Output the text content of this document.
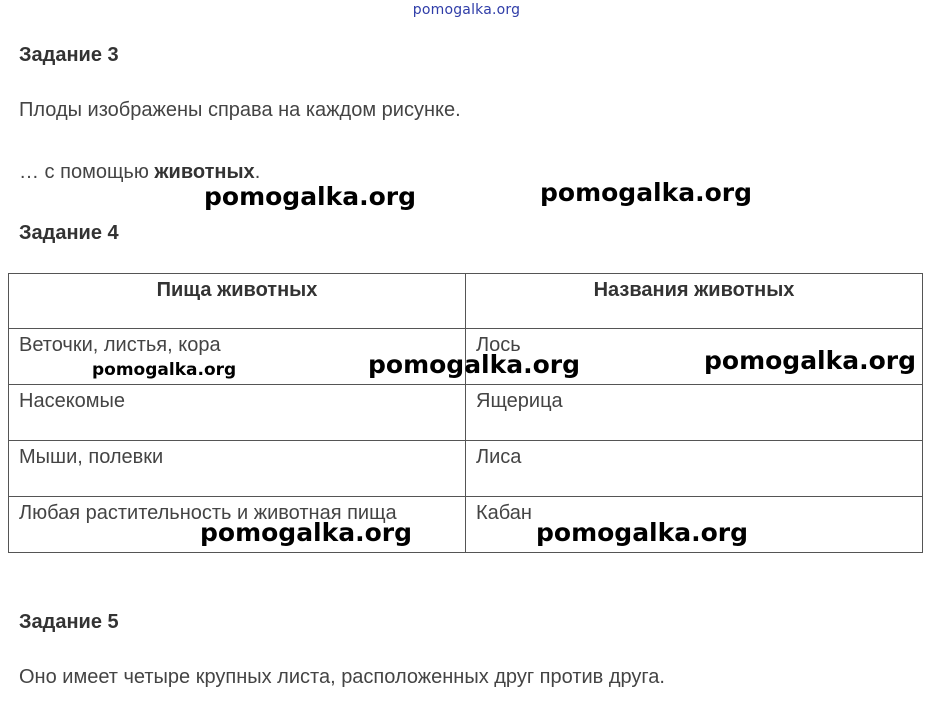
pomogalka.org
Задание 3

Плоды изображены справа на каждом рисунке.

… с помощью животных.

Задание 4
Пища животных	Названия животных
Веточки, листья, кора	Лось
Насекомые	Ящерица
Мыши, полевки	Лиса
Любая растительность и животная пища	Кабан
Задание 5

Оно имеет четыре крупных листа, расположенных друг против друга.

pomogalka.org	pomogalka.org
pomogalka.org	pomogalka.org	pomogalka.org
pomogalka.org	pomogalka.org
